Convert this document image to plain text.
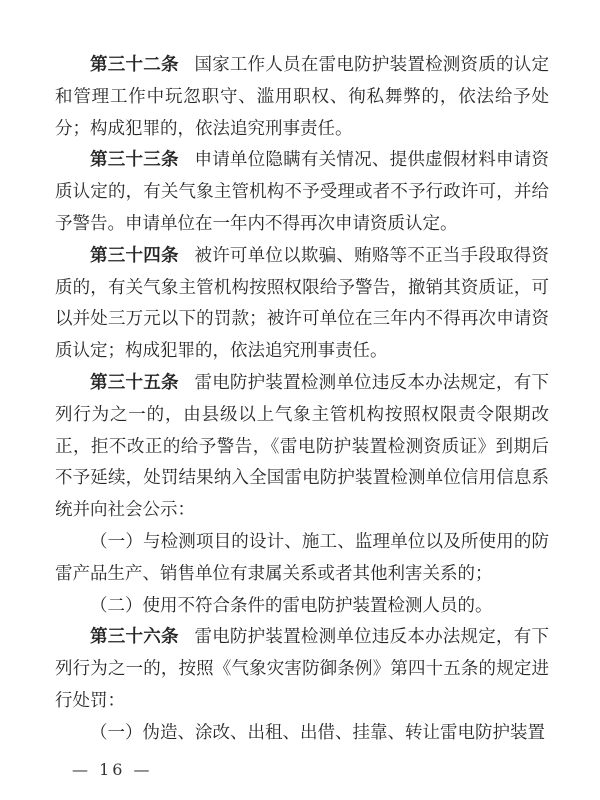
第三十二条 国家工作人员在雷电防护装置检测资质的认定和管理工作中玩忽职守、滥用职权、徇私舞弊的，依法给予处分；构成犯罪的，依法追究刑事责任。

第三十三条 申请单位隐瞒有关情况、提供虚假材料申请资质认定的，有关气象主管机构不予受理或者不予行政许可，并给予警告。申请单位在一年内不得再次申请资质认定。

第三十四条 被许可单位以欺骗、贿赂等不正当手段取得资质的，有关气象主管机构按照权限给予警告，撤销其资质证，可以并处三万元以下的罚款；被许可单位在三年内不得再次申请资质认定；构成犯罪的，依法追究刑事责任。

第三十五条 雷电防护装置检测单位违反本办法规定，有下列行为之一的，由县级以上气象主管机构按照权限责令限期改正，拒不改正的给予警告，《雷电防护装置检测资质证》到期后不予延续，处罚结果纳入全国雷电防护装置检测单位信用信息系统并向社会公示：

（一）与检测项目的设计、施工、监理单位以及所使用的防雷产品生产、销售单位有隶属关系或者其他利害关系的；

（二）使用不符合条件的雷电防护装置检测人员的。

第三十六条 雷电防护装置检测单位违反本办法规定，有下列行为之一的，按照《气象灾害防御条例》第四十五条的规定进行处罚：

（一）伪造、涂改、出租、出借、挂靠、转让雷电防护装置

— 16 —
